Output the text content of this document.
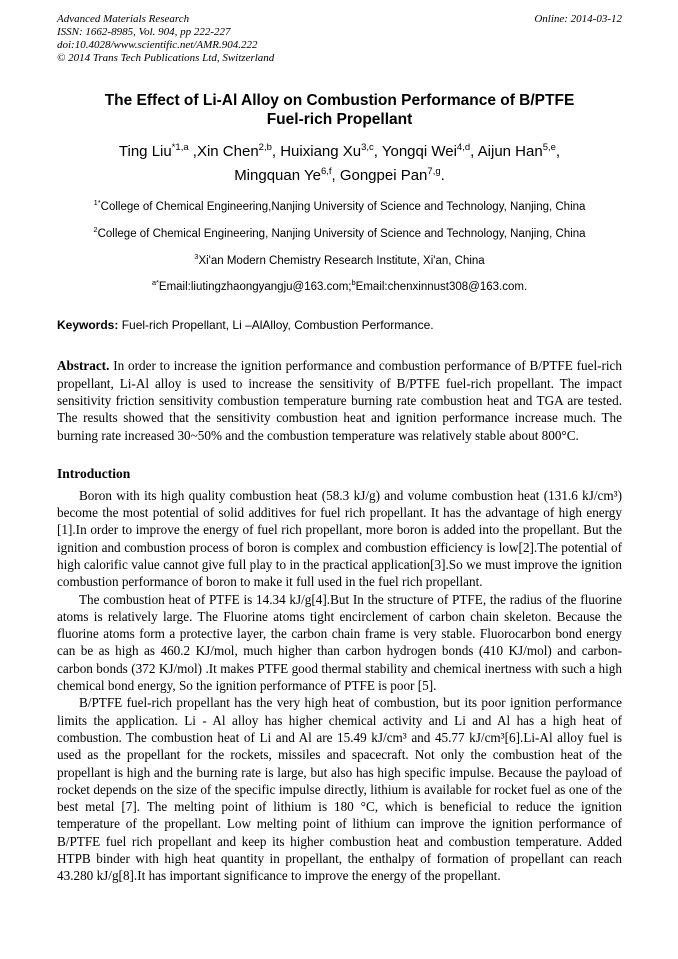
Advanced Materials Research
ISSN: 1662-8985, Vol. 904, pp 222-227
doi:10.4028/www.scientific.net/AMR.904.222
© 2014 Trans Tech Publications Ltd, Switzerland
Online: 2014-03-12
The Effect of Li-Al Alloy on Combustion Performance of B/PTFE
Fuel-rich Propellant
Ting Liu$^{*1,a}$ ,Xin Chen$^{2,b}$, Huixiang Xu$^{3,c}$, Yongqi Wei$^{4,d}$, Aijun Han$^{5,e}$,
Mingquan Ye$^{6,f}$, Gongpei Pan$^{7,g}$.
$^{1*}$College of Chemical Engineering,Nanjing University of Science and Technology, Nanjing, China
$^2$College of Chemical Engineering, Nanjing University of Science and Technology, Nanjing, China
$^3$Xi'an Modern Chemistry Research Institute, Xi'an, China
$^{a*}$Email:liutingzhaongyangju@163.com;$^b$Email:chenxinnust308@163.com.
Keywords: Fuel-rich Propellant, Li –AlAlloy, Combustion Performance.

Abstract. In order to increase the ignition performance and combustion performance of B/PTFE fuel-rich propellant, Li-Al alloy is used to increase the sensitivity of B/PTFE fuel-rich propellant. The impact sensitivity friction sensitivity combustion temperature burning rate combustion heat and TGA are tested. The results showed that the sensitivity combustion heat and ignition performance increase much. The burning rate increased 30~50% and the combustion temperature was relatively stable about 800°C.

Introduction

Boron with its high quality combustion heat (58.3 kJ/g) and volume combustion heat (131.6 kJ/cm³) become the most potential of solid additives for fuel rich propellant. It has the advantage of high energy [1].In order to improve the energy of fuel rich propellant, more boron is added into the propellant. But the ignition and combustion process of boron is complex and combustion efficiency is low[2].The potential of high calorific value cannot give full play to in the practical application[3].So we must improve the ignition combustion performance of boron to make it full used in the fuel rich propellant.

The combustion heat of PTFE is 14.34 kJ/g[4].But In the structure of PTFE, the radius of the fluorine atoms is relatively large. The Fluorine atoms tight encirclement of carbon chain skeleton. Because the fluorine atoms form a protective layer, the carbon chain frame is very stable. Fluorocarbon bond energy can be as high as 460.2 KJ/mol, much higher than carbon hydrogen bonds (410 KJ/mol) and carbon-carbon bonds (372 KJ/mol) .It makes PTFE good thermal stability and chemical inertness with such a high chemical bond energy, So the ignition performance of PTFE is poor [5].

B/PTFE fuel-rich propellant has the very high heat of combustion, but its poor ignition performance limits the application. Li - Al alloy has higher chemical activity and Li and Al has a high heat of combustion. The combustion heat of Li and Al are 15.49 kJ/cm³ and 45.77 kJ/cm³[6].Li-Al alloy fuel is used as the propellant for the rockets, missiles and spacecraft. Not only the combustion heat of the propellant is high and the burning rate is large, but also has high specific impulse. Because the payload of rocket depends on the size of the specific impulse directly, lithium is available for rocket fuel as one of the best metal [7]. The melting point of lithium is 180 °C, which is beneficial to reduce the ignition temperature of the propellant. Low melting point of lithium can improve the ignition performance of B/PTFE fuel rich propellant and keep its higher combustion heat and combustion temperature. Added HTPB binder with high heat quantity in propellant, the enthalpy of formation of propellant can reach 43.280 kJ/g[8].It has important significance to improve the energy of the propellant.
